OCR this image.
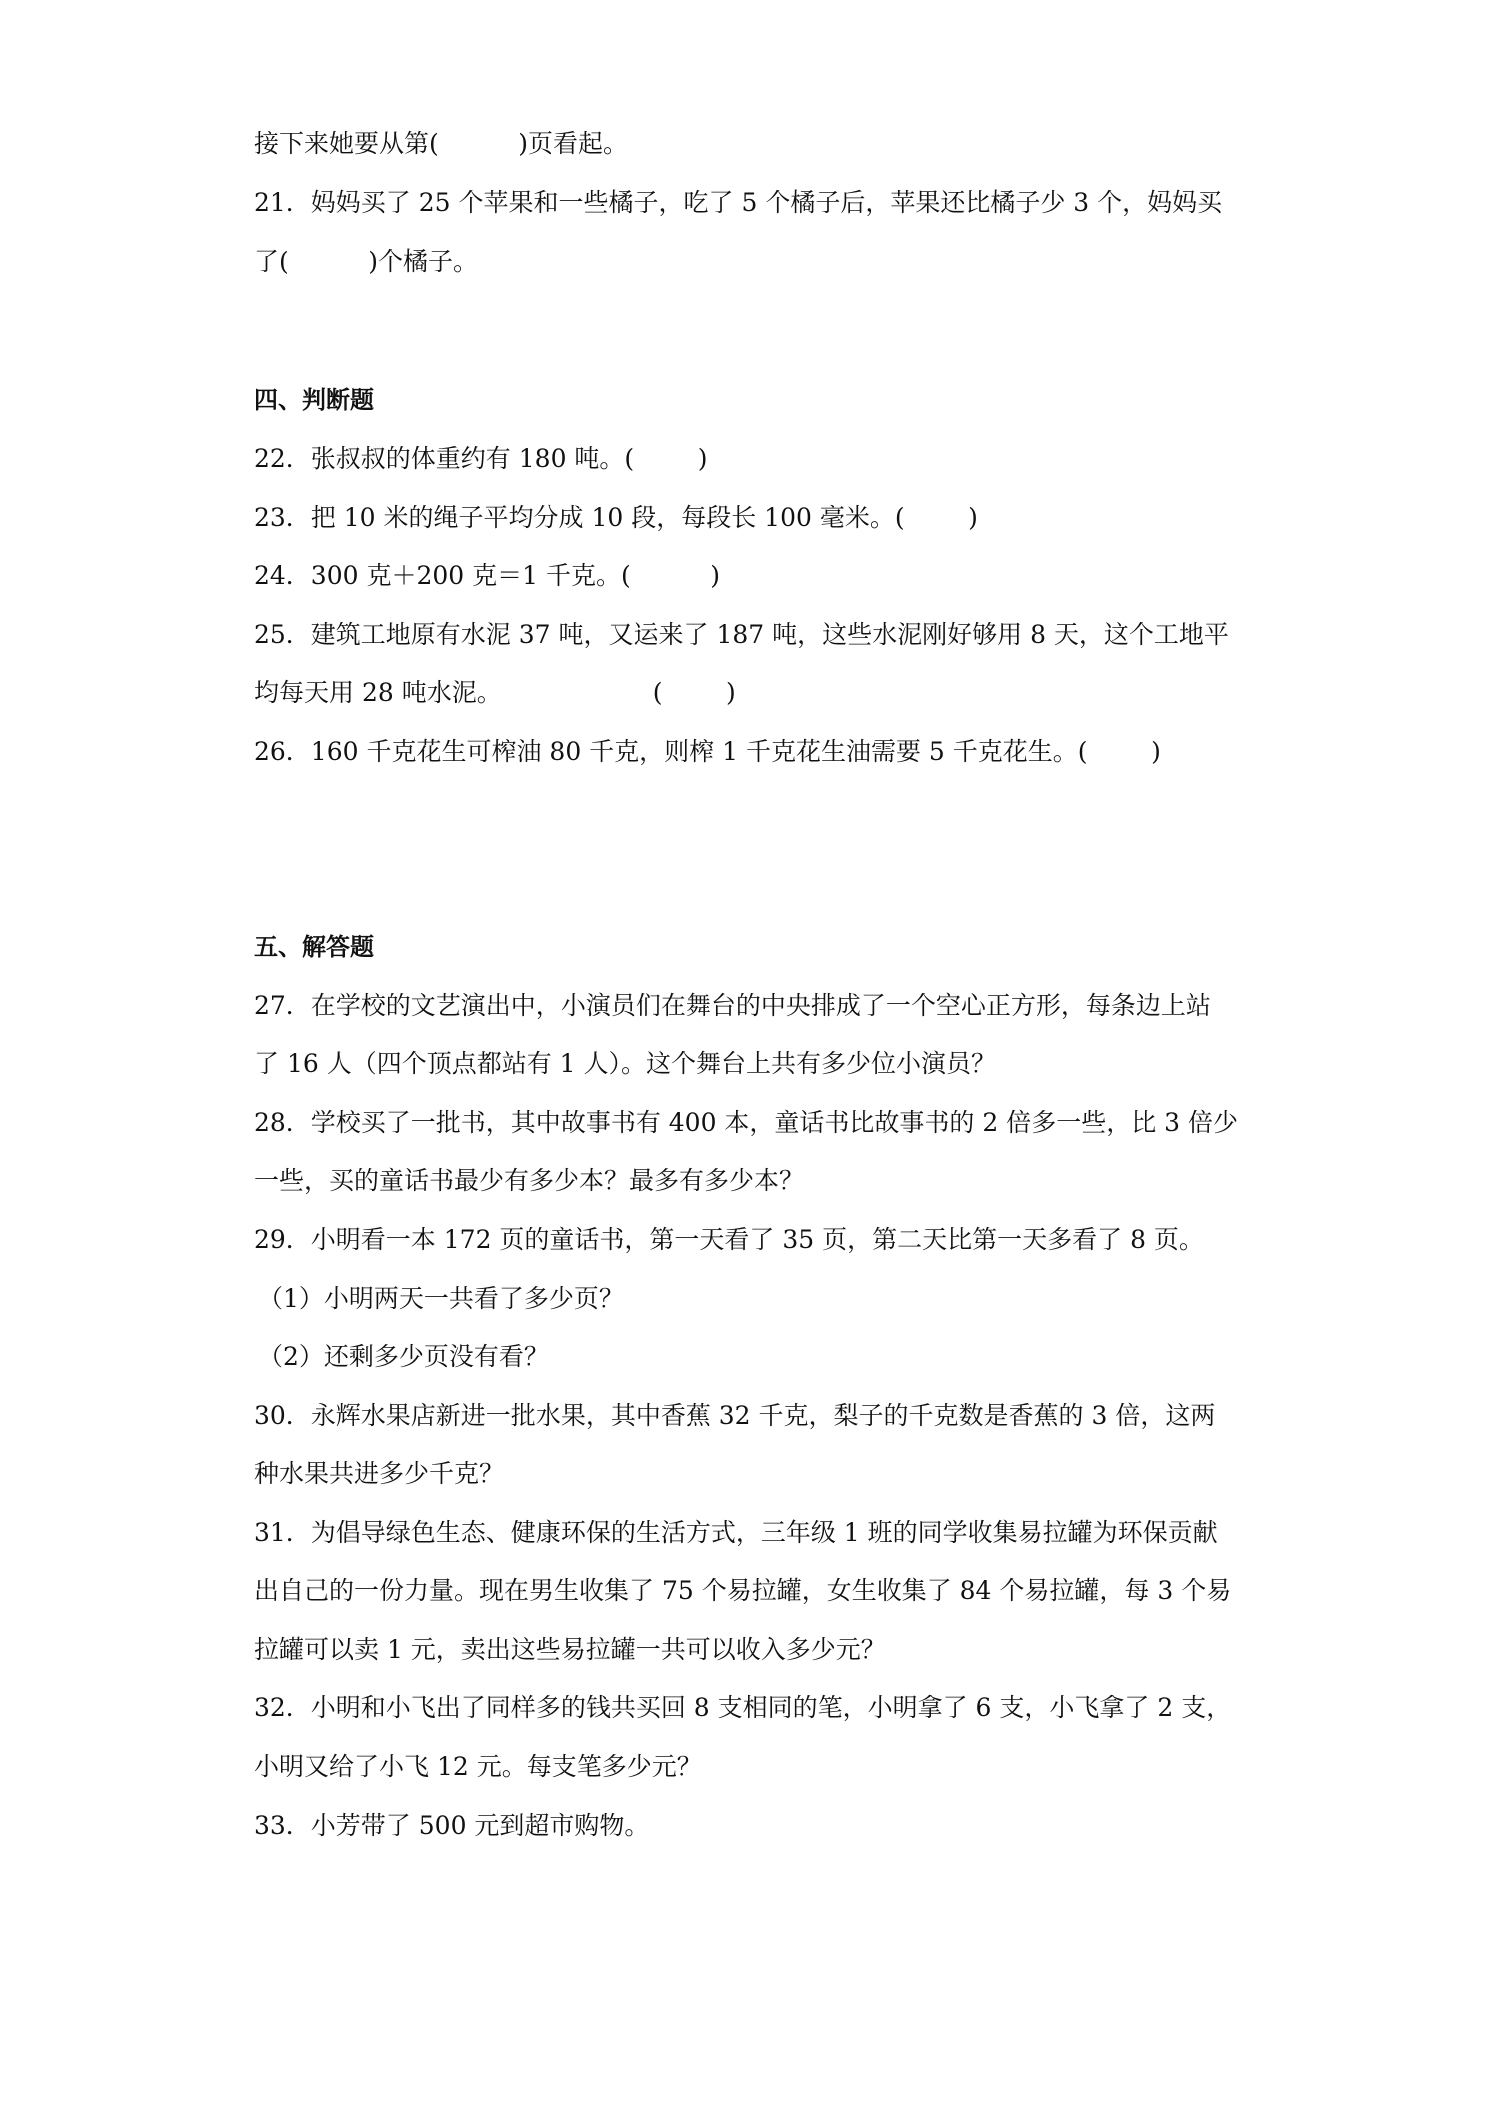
接下来她要从第(          )页看起。
21．妈妈买了 25 个苹果和一些橘子，吃了 5 个橘子后，苹果还比橘子少 3 个，妈妈买
了(          )个橘子。
四、判断题
22．张叔叔的体重约有 180 吨。(        )
23．把 10 米的绳子平均分成 10 段，每段长 100 毫米。(        )
24．300 克＋200 克＝1 千克。(          )
25．建筑工地原有水泥 37 吨，又运来了 187 吨，这些水泥刚好够用 8 天，这个工地平
均每天用 28 吨水泥。                   (        )
26．160 千克花生可榨油 80 千克，则榨 1 千克花生油需要 5 千克花生。(        )
五、解答题
27．在学校的文艺演出中，小演员们在舞台的中央排成了一个空心正方形，每条边上站
了 16 人（四个顶点都站有 1 人）。这个舞台上共有多少位小演员？
28．学校买了一批书，其中故事书有 400 本，童话书比故事书的 2 倍多一些，比 3 倍少
一些，买的童话书最少有多少本？最多有多少本？
29．小明看一本 172 页的童话书，第一天看了 35 页，第二天比第一天多看了 8 页。
（1）小明两天一共看了多少页？
（2）还剩多少页没有看？
30．永辉水果店新进一批水果，其中香蕉 32 千克，梨子的千克数是香蕉的 3 倍，这两
种水果共进多少千克？
31．为倡导绿色生态、健康环保的生活方式，三年级 1 班的同学收集易拉罐为环保贡献
出自己的一份力量。现在男生收集了 75 个易拉罐，女生收集了 84 个易拉罐，每 3 个易
拉罐可以卖 1 元，卖出这些易拉罐一共可以收入多少元？
32．小明和小飞出了同样多的钱共买回 8 支相同的笔，小明拿了 6 支，小飞拿了 2 支，
小明又给了小飞 12 元。每支笔多少元？
33．小芳带了 500 元到超市购物。
